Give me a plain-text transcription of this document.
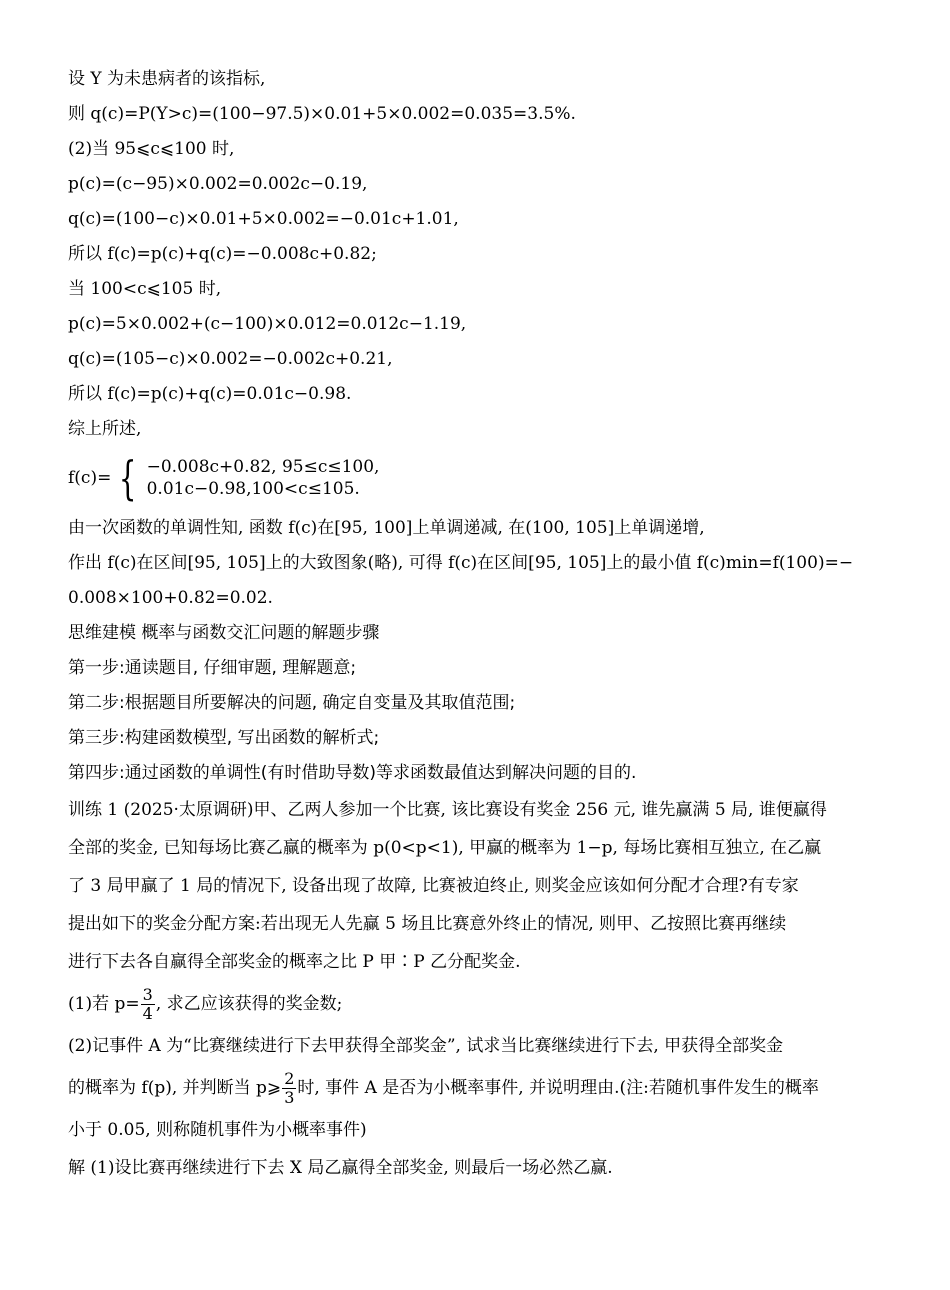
设 Y 为未患病者的该指标,
则 q(c)=P(Y>c)=(100−97.5)×0.01+5×0.002=0.035=3.5%.
(2)当 95⩽c⩽100 时,
p(c)=(c−95)×0.002=0.002c−0.19,
q(c)=(100−c)×0.01+5×0.002=−0.01c+1.01,
所以 f(c)=p(c)+q(c)=−0.008c+0.82;
当 100<c⩽105 时,
p(c)=5×0.002+(c−100)×0.012=0.012c−1.19,
q(c)=(105−c)×0.002=−0.002c+0.21,
所以 f(c)=p(c)+q(c)=0.01c−0.98.
综上所述,
f(c)= { −0.008c+0.82, 95≤c≤100,
0.01c−0.98,100<c≤105.
由一次函数的单调性知, 函数 f(c)在[95, 100]上单调递减, 在(100, 105]上单调递增,
作出 f(c)在区间[95, 105]上的大致图象(略), 可得 f(c)在区间[95, 105]上的最小值 f(c)min=f(100)=−
0.008×100+0.82=0.02.
思维建模 概率与函数交汇问题的解题步骤
第一步:通读题目, 仔细审题, 理解题意;
第二步:根据题目所要解决的问题, 确定自变量及其取值范围;
第三步:构建函数模型, 写出函数的解析式;
第四步:通过函数的单调性(有时借助导数)等求函数最值达到解决问题的目的.
训练 1 (2025·太原调研)甲、乙两人参加一个比赛, 该比赛设有奖金 256 元, 谁先赢满 5 局, 谁便赢得
全部的奖金, 已知每场比赛乙赢的概率为 p(0<p<1), 甲赢的概率为 1−p, 每场比赛相互独立, 在乙赢
了 3 局甲赢了 1 局的情况下, 设备出现了故障, 比赛被迫终止, 则奖金应该如何分配才合理?有专家
提出如下的奖金分配方案:若出现无人先赢 5 场且比赛意外终止的情况, 则甲、乙按照比赛再继续
进行下去各自赢得全部奖金的概率之比 P 甲∶P 乙分配奖金.
(1)若 $p= \frac{3}{4}$ , 求乙应该获得的奖金数;
(2)记事件 A 为“比赛继续进行下去甲获得全部奖金”, 试求当比赛继续进行下去, 甲获得全部奖金
的概率为 f(p), 并判断当 p⩾ $\frac{2}{3}$ 时, 事件 A 是否为小概率事件, 并说明理由.(注:若随机事件发生的概率
小于 0.05, 则称随机事件为小概率事件)
解 (1)设比赛再继续进行下去 X 局乙赢得全部奖金, 则最后一场必然乙赢.
